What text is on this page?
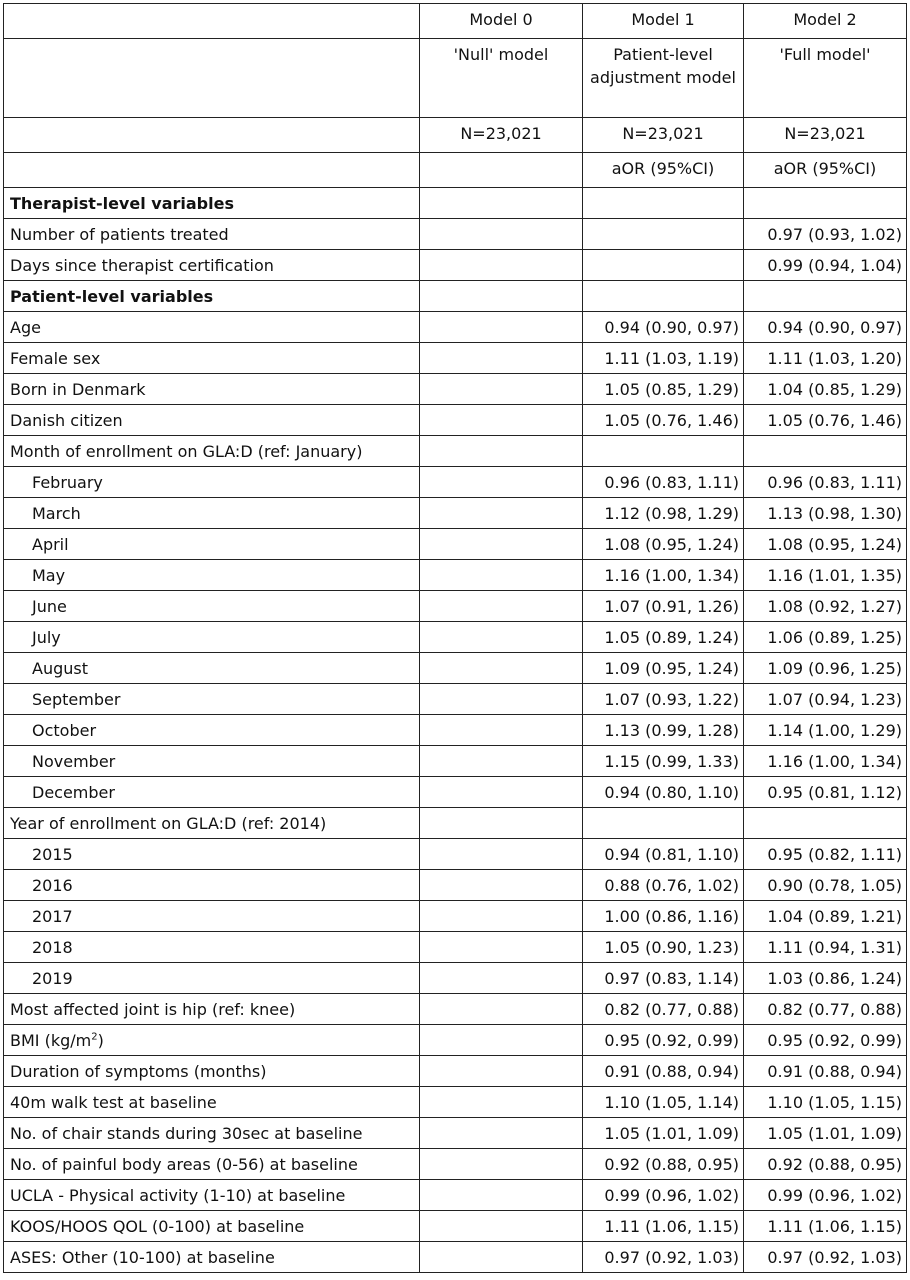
	Model 0	Model 1	Model 2
	'Null' model	Patient-level adjustment model	'Full model'
	N=23,021	N=23,021	N=23,021
		aOR (95%CI)	aOR (95%CI)
Therapist-level variables			
Number of patients treated			0.97 (0.93, 1.02)
Days since therapist certification			0.99 (0.94, 1.04)
Patient-level variables			
Age		0.94 (0.90, 0.97)	0.94 (0.90, 0.97)
Female sex		1.11 (1.03, 1.19)	1.11 (1.03, 1.20)
Born in Denmark		1.05 (0.85, 1.29)	1.04 (0.85, 1.29)
Danish citizen		1.05 (0.76, 1.46)	1.05 (0.76, 1.46)
Month of enrollment on GLA:D (ref: January)			
February		0.96 (0.83, 1.11)	0.96 (0.83, 1.11)
March		1.12 (0.98, 1.29)	1.13 (0.98, 1.30)
April		1.08 (0.95, 1.24)	1.08 (0.95, 1.24)
May		1.16 (1.00, 1.34)	1.16 (1.01, 1.35)
June		1.07 (0.91, 1.26)	1.08 (0.92, 1.27)
July		1.05 (0.89, 1.24)	1.06 (0.89, 1.25)
August		1.09 (0.95, 1.24)	1.09 (0.96, 1.25)
September		1.07 (0.93, 1.22)	1.07 (0.94, 1.23)
October		1.13 (0.99, 1.28)	1.14 (1.00, 1.29)
November		1.15 (0.99, 1.33)	1.16 (1.00, 1.34)
December		0.94 (0.80, 1.10)	0.95 (0.81, 1.12)
Year of enrollment on GLA:D (ref: 2014)			
2015		0.94 (0.81, 1.10)	0.95 (0.82, 1.11)
2016		0.88 (0.76, 1.02)	0.90 (0.78, 1.05)
2017		1.00 (0.86, 1.16)	1.04 (0.89, 1.21)
2018		1.05 (0.90, 1.23)	1.11 (0.94, 1.31)
2019		0.97 (0.83, 1.14)	1.03 (0.86, 1.24)
Most affected joint is hip (ref: knee)		0.82 (0.77, 0.88)	0.82 (0.77, 0.88)
BMI $(kg/m^2)$		0.95 (0.92, 0.99)	0.95 (0.92, 0.99)
Duration of symptoms (months)		0.91 (0.88, 0.94)	0.91 (0.88, 0.94)
40m walk test at baseline		1.10 (1.05, 1.14)	1.10 (1.05, 1.15)
No. of chair stands during 30sec at baseline		1.05 (1.01, 1.09)	1.05 (1.01, 1.09)
No. of painful body areas (0-56) at baseline		0.92 (0.88, 0.95)	0.92 (0.88, 0.95)
UCLA - Physical activity (1-10) at baseline		0.99 (0.96, 1.02)	0.99 (0.96, 1.02)
KOOS/HOOS QOL (0-100) at baseline		1.11 (1.06, 1.15)	1.11 (1.06, 1.15)
ASES: Other (10-100) at baseline		0.97 (0.92, 1.03)	0.97 (0.92, 1.03)
